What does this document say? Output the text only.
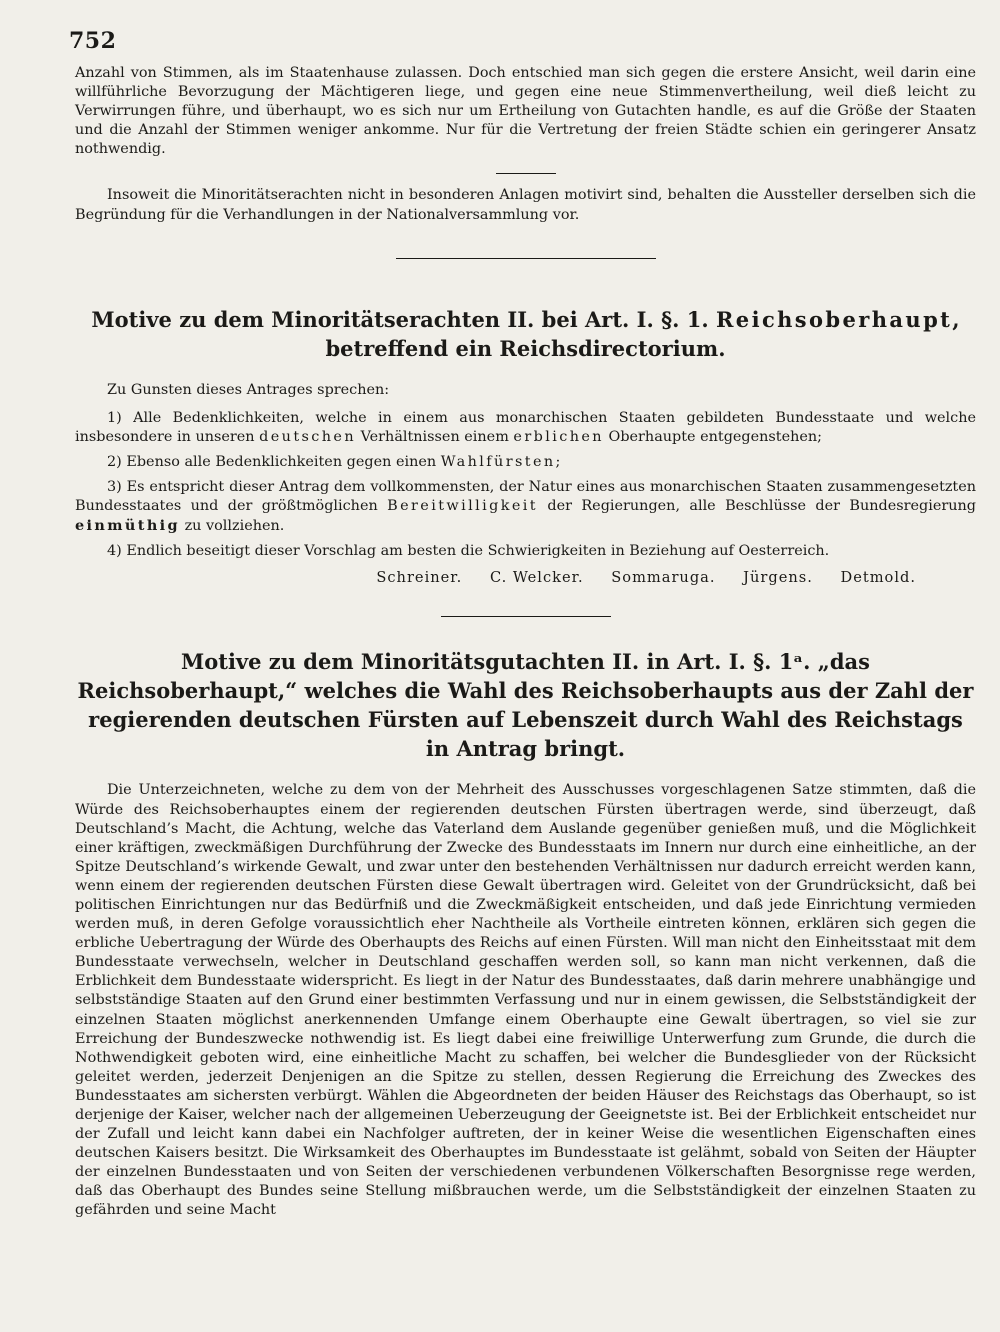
752

Anzahl von Stimmen, als im Staatenhause zulassen. Doch entschied man sich gegen die erstere Ansicht, weil darin eine willführliche Bevorzugung der Mächtigeren liege, und gegen eine neue Stimmenvertheilung, weil dieß leicht zu Verwirrungen führe, und überhaupt, wo es sich nur um Ertheilung von Gutachten handle, es auf die Größe der Staaten und die Anzahl der Stimmen weniger ankomme. Nur für die Vertretung der freien Städte schien ein geringerer Ansatz nothwendig.

Insoweit die Minoritätserachten nicht in besonderen Anlagen motivirt sind, behalten die Aussteller derselben sich die Begründung für die Verhandlungen in der Nationalversammlung vor.

Motive zu dem Minoritätserachten II. bei Art. I. §. 1. Reichsoberhaupt, betreffend ein Reichsdirectorium.

Zu Gunsten dieses Antrages sprechen:

1) Alle Bedenklichkeiten, welche in einem aus monarchischen Staaten gebildeten Bundesstaate und welche insbesondere in unseren deutschen Verhältnissen einem erblichen Oberhaupte entgegenstehen;

2) Ebenso alle Bedenklichkeiten gegen einen Wahlfürsten;

3) Es entspricht dieser Antrag dem vollkommensten, der Natur eines aus monarchischen Staaten zusammengesetzten Bundesstaates und der größtmöglichen Bereitwilligkeit der Regierungen, alle Beschlüsse der Bundesregierung einmüthig zu vollziehen.

4) Endlich beseitigt dieser Vorschlag am besten die Schwierigkeiten in Beziehung auf Oesterreich.

Schreiner. C. Welcker. Sommaruga. Jürgens. Detmold.
Motive zu dem Minoritätsgutachten II. in Art. I. §. 1ᵃ. „das Reichsoberhaupt,“ welches die Wahl des Reichsoberhaupts aus der Zahl der regierenden deutschen Fürsten auf Lebenszeit durch Wahl des Reichstags in Antrag bringt.

Die Unterzeichneten, welche zu dem von der Mehrheit des Ausschusses vorgeschlagenen Satze stimmten, daß die Würde des Reichsoberhauptes einem der regierenden deutschen Fürsten übertragen werde, sind überzeugt, daß Deutschland’s Macht, die Achtung, welche das Vaterland dem Auslande gegenüber genießen muß, und die Möglichkeit einer kräftigen, zweckmäßigen Durchführung der Zwecke des Bundesstaats im Innern nur durch eine einheitliche, an der Spitze Deutschland’s wirkende Gewalt, und zwar unter den bestehenden Verhältnissen nur dadurch erreicht werden kann, wenn einem der regierenden deutschen Fürsten diese Gewalt übertragen wird. Geleitet von der Grundrücksicht, daß bei politischen Einrichtungen nur das Bedürfniß und die Zweckmäßigkeit entscheiden, und daß jede Einrichtung vermieden werden muß, in deren Gefolge voraussichtlich eher Nachtheile als Vortheile eintreten können, erklären sich gegen die erbliche Uebertragung der Würde des Oberhaupts des Reichs auf einen Fürsten. Will man nicht den Einheitsstaat mit dem Bundesstaate verwechseln, welcher in Deutschland geschaffen werden soll, so kann man nicht verkennen, daß die Erblichkeit dem Bundesstaate widerspricht. Es liegt in der Natur des Bundesstaates, daß darin mehrere unabhängige und selbstständige Staaten auf den Grund einer bestimmten Verfassung und nur in einem gewissen, die Selbstständigkeit der einzelnen Staaten möglichst anerkennenden Umfange einem Oberhaupte eine Gewalt übertragen, so viel sie zur Erreichung der Bundeszwecke nothwendig ist. Es liegt dabei eine freiwillige Unterwerfung zum Grunde, die durch die Nothwendigkeit geboten wird, eine einheitliche Macht zu schaffen, bei welcher die Bundesglieder von der Rücksicht geleitet werden, jederzeit Denjenigen an die Spitze zu stellen, dessen Regierung die Erreichung des Zweckes des Bundesstaates am sichersten verbürgt. Wählen die Abgeordneten der beiden Häuser des Reichstags das Oberhaupt, so ist derjenige der Kaiser, welcher nach der allgemeinen Ueberzeugung der Geeignetste ist. Bei der Erblichkeit entscheidet nur der Zufall und leicht kann dabei ein Nachfolger auftreten, der in keiner Weise die wesentlichen Eigenschaften eines deutschen Kaisers besitzt. Die Wirksamkeit des Oberhauptes im Bundesstaate ist gelähmt, sobald von Seiten der Häupter der einzelnen Bundesstaaten und von Seiten der verschiedenen verbundenen Völkerschaften Besorgnisse rege werden, daß das Oberhaupt des Bundes seine Stellung mißbrauchen werde, um die Selbstständigkeit der einzelnen Staaten zu gefährden und seine Macht
